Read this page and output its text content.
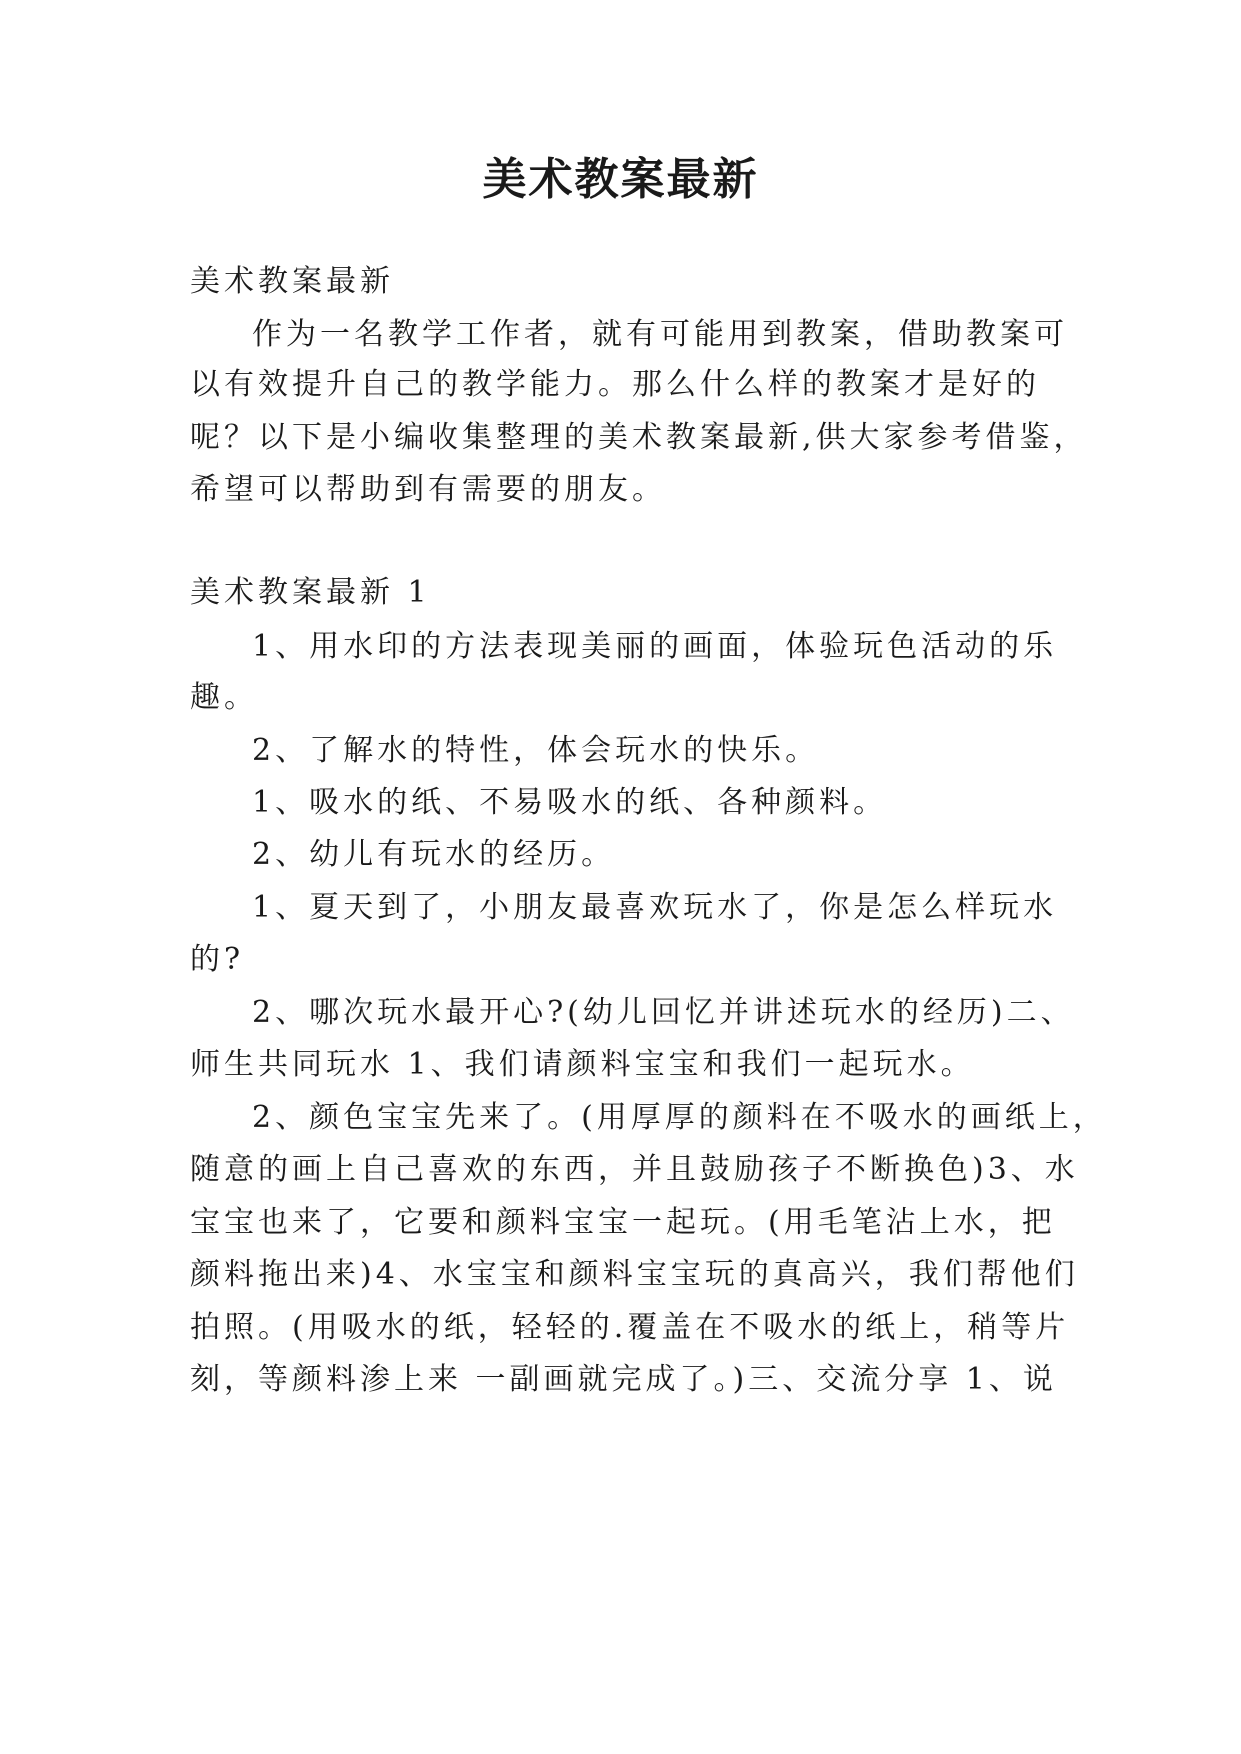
美术教案最新
美术教案最新
作为一名教学工作者，就有可能用到教案，借助教案可
以有效提升自己的教学能力。那么什么样的教案才是好的
呢？以下是小编收集整理的美术教案最新,供大家参考借鉴，
希望可以帮助到有需要的朋友。
美术教案最新 1
1、用水印的方法表现美丽的画面，体验玩色活动的乐
趣。
2、了解水的特性，体会玩水的快乐。
1、吸水的纸、不易吸水的纸、各种颜料。
2、幼儿有玩水的经历。
1、夏天到了，小朋友最喜欢玩水了，你是怎么样玩水
的?
2、哪次玩水最开心?(幼儿回忆并讲述玩水的经历)二、
师生共同玩水 1、我们请颜料宝宝和我们一起玩水。
2、颜色宝宝先来了。(用厚厚的颜料在不吸水的画纸上，
随意的画上自己喜欢的东西，并且鼓励孩子不断换色)3、水
宝宝也来了，它要和颜料宝宝一起玩。(用毛笔沾上水，把
颜料拖出来)4、水宝宝和颜料宝宝玩的真高兴，我们帮他们
拍照。(用吸水的纸，轻轻的.覆盖在不吸水的纸上，稍等片
刻，等颜料渗上来 一副画就完成了。)三、交流分享 1、说
